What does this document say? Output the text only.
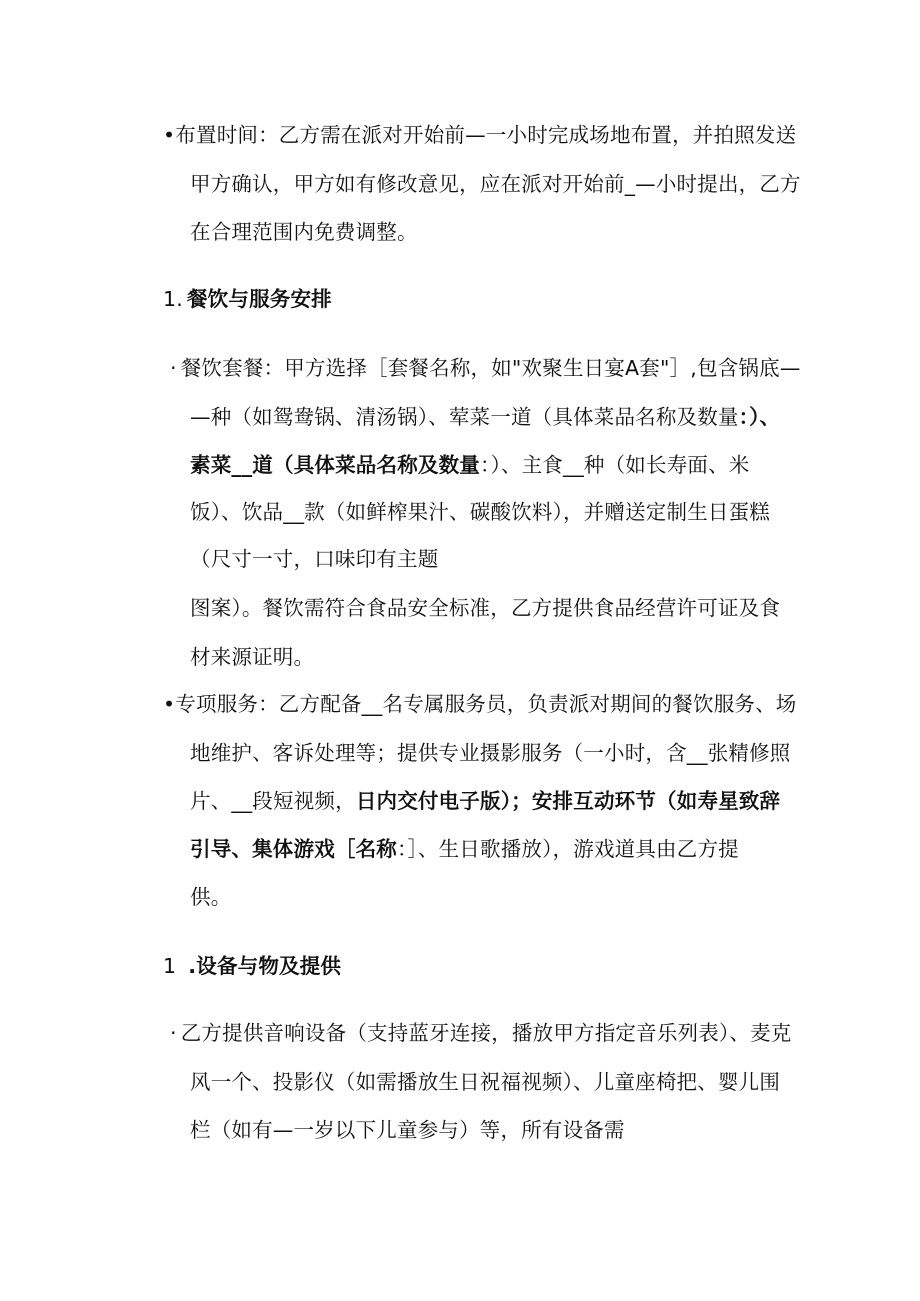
•布置时间：乙方需在派对开始前—一小时完成场地布置，并拍照发送
甲方确认，甲方如有修改意见，应在派对开始前_—小时提出，乙方
在合理范围内免费调整。
1. 餐饮与服务安排
· 餐饮套餐：甲方选择［套餐名称，如"欢聚生日宴A套"］,包含锅底—
—种（如鸳鸯锅、清汤锅）、荤菜一道（具体菜品名称及数量：）、
素菜__道（具体菜品名称及数量：）、主食__种（如长寿面、米
饭）、饮品__款（如鲜榨果汁、碳酸饮料），并赠送定制生日蛋糕
（尺寸一寸，口味印有主题
图案）。餐饮需符合食品安全标准，乙方提供食品经营许可证及食
材来源证明。
•专项服务：乙方配备__名专属服务员，负责派对期间的餐饮服务、场
地维护、客诉处理等；提供专业摄影服务（一小时，含__张精修照
片、__段短视频，日内交付电子版）；安排互动环节（如寿星致辞
引导、集体游戏［名称：］、生日歌播放），游戏道具由乙方提
供。
1 .设备与物及提供
· 乙方提供音响设备（支持蓝牙连接，播放甲方指定音乐列表）、麦克
风一个、投影仪（如需播放生日祝福视频）、儿童座椅把、婴儿围
栏（如有—一岁以下儿童参与）等，所有设备需
